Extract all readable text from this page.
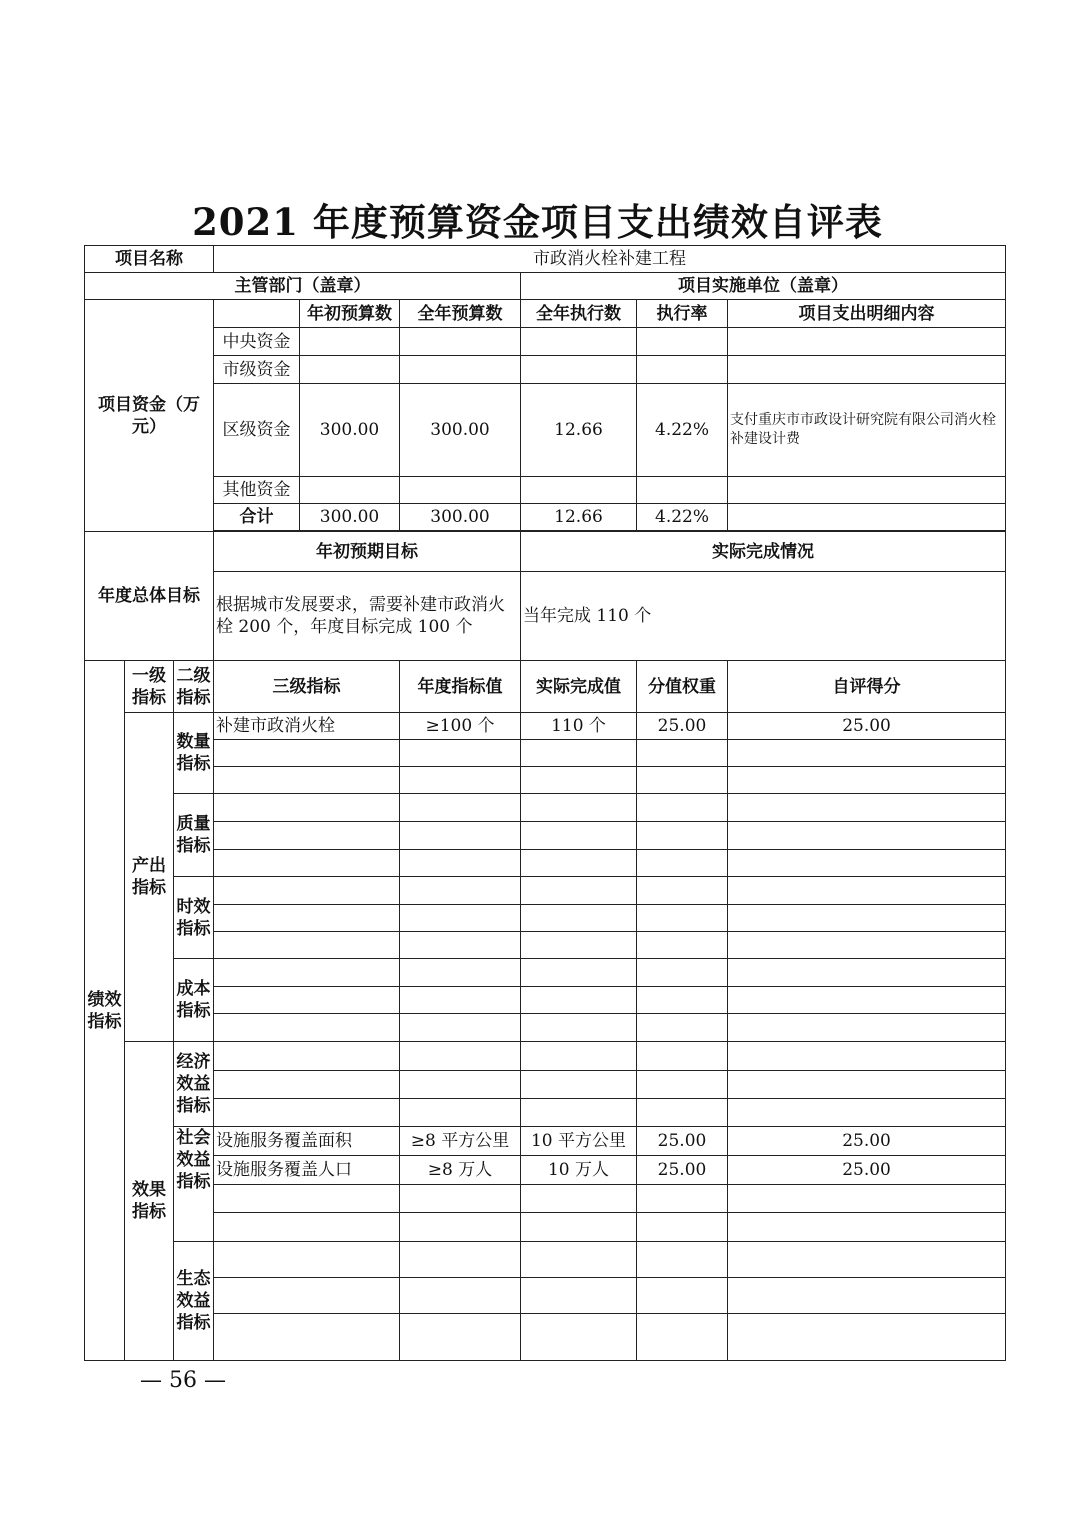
2021 年度预算资金项目支出绩效自评表
项目名称			市政消火栓补建工程					
主管部门（盖章）						项目实施单位（盖章）		
项目资金（万元）				年初预算数	全年预算数	全年执行数	执行率	项目支出明细内容
			中央资金					
			市级资金					
			区级资金	300.00	300.00	12.66	4.22%	支付重庆市市政设计研究院有限公司消火栓补建设计费
			其他资金					
			合计	300.00	300.00	12.66	4.22%	

年度总体目标			年初预期目标			实际完成情况		
			根据城市发展要求，需要补建市政消火栓 200 个，年度目标完成 100 个			当年完成 110 个		
绩效指标	一级指标	二级指标	三级指标		年度指标值	实际完成值	分值权重	自评得分
	产出指标	数量指标	补建市政消火栓		≥100 个	110 个	25.00	25.00

		质量指标						

		时效指标						

		成本指标						

	效果指标	经济效益指标						

		社会效益指标	设施服务覆盖面积		≥8 平方公里	10 平方公里	25.00	25.00
			设施服务覆盖人口		≥8 万人	10 万人	25.00	25.00

		生态效益指标						

— 56 —
